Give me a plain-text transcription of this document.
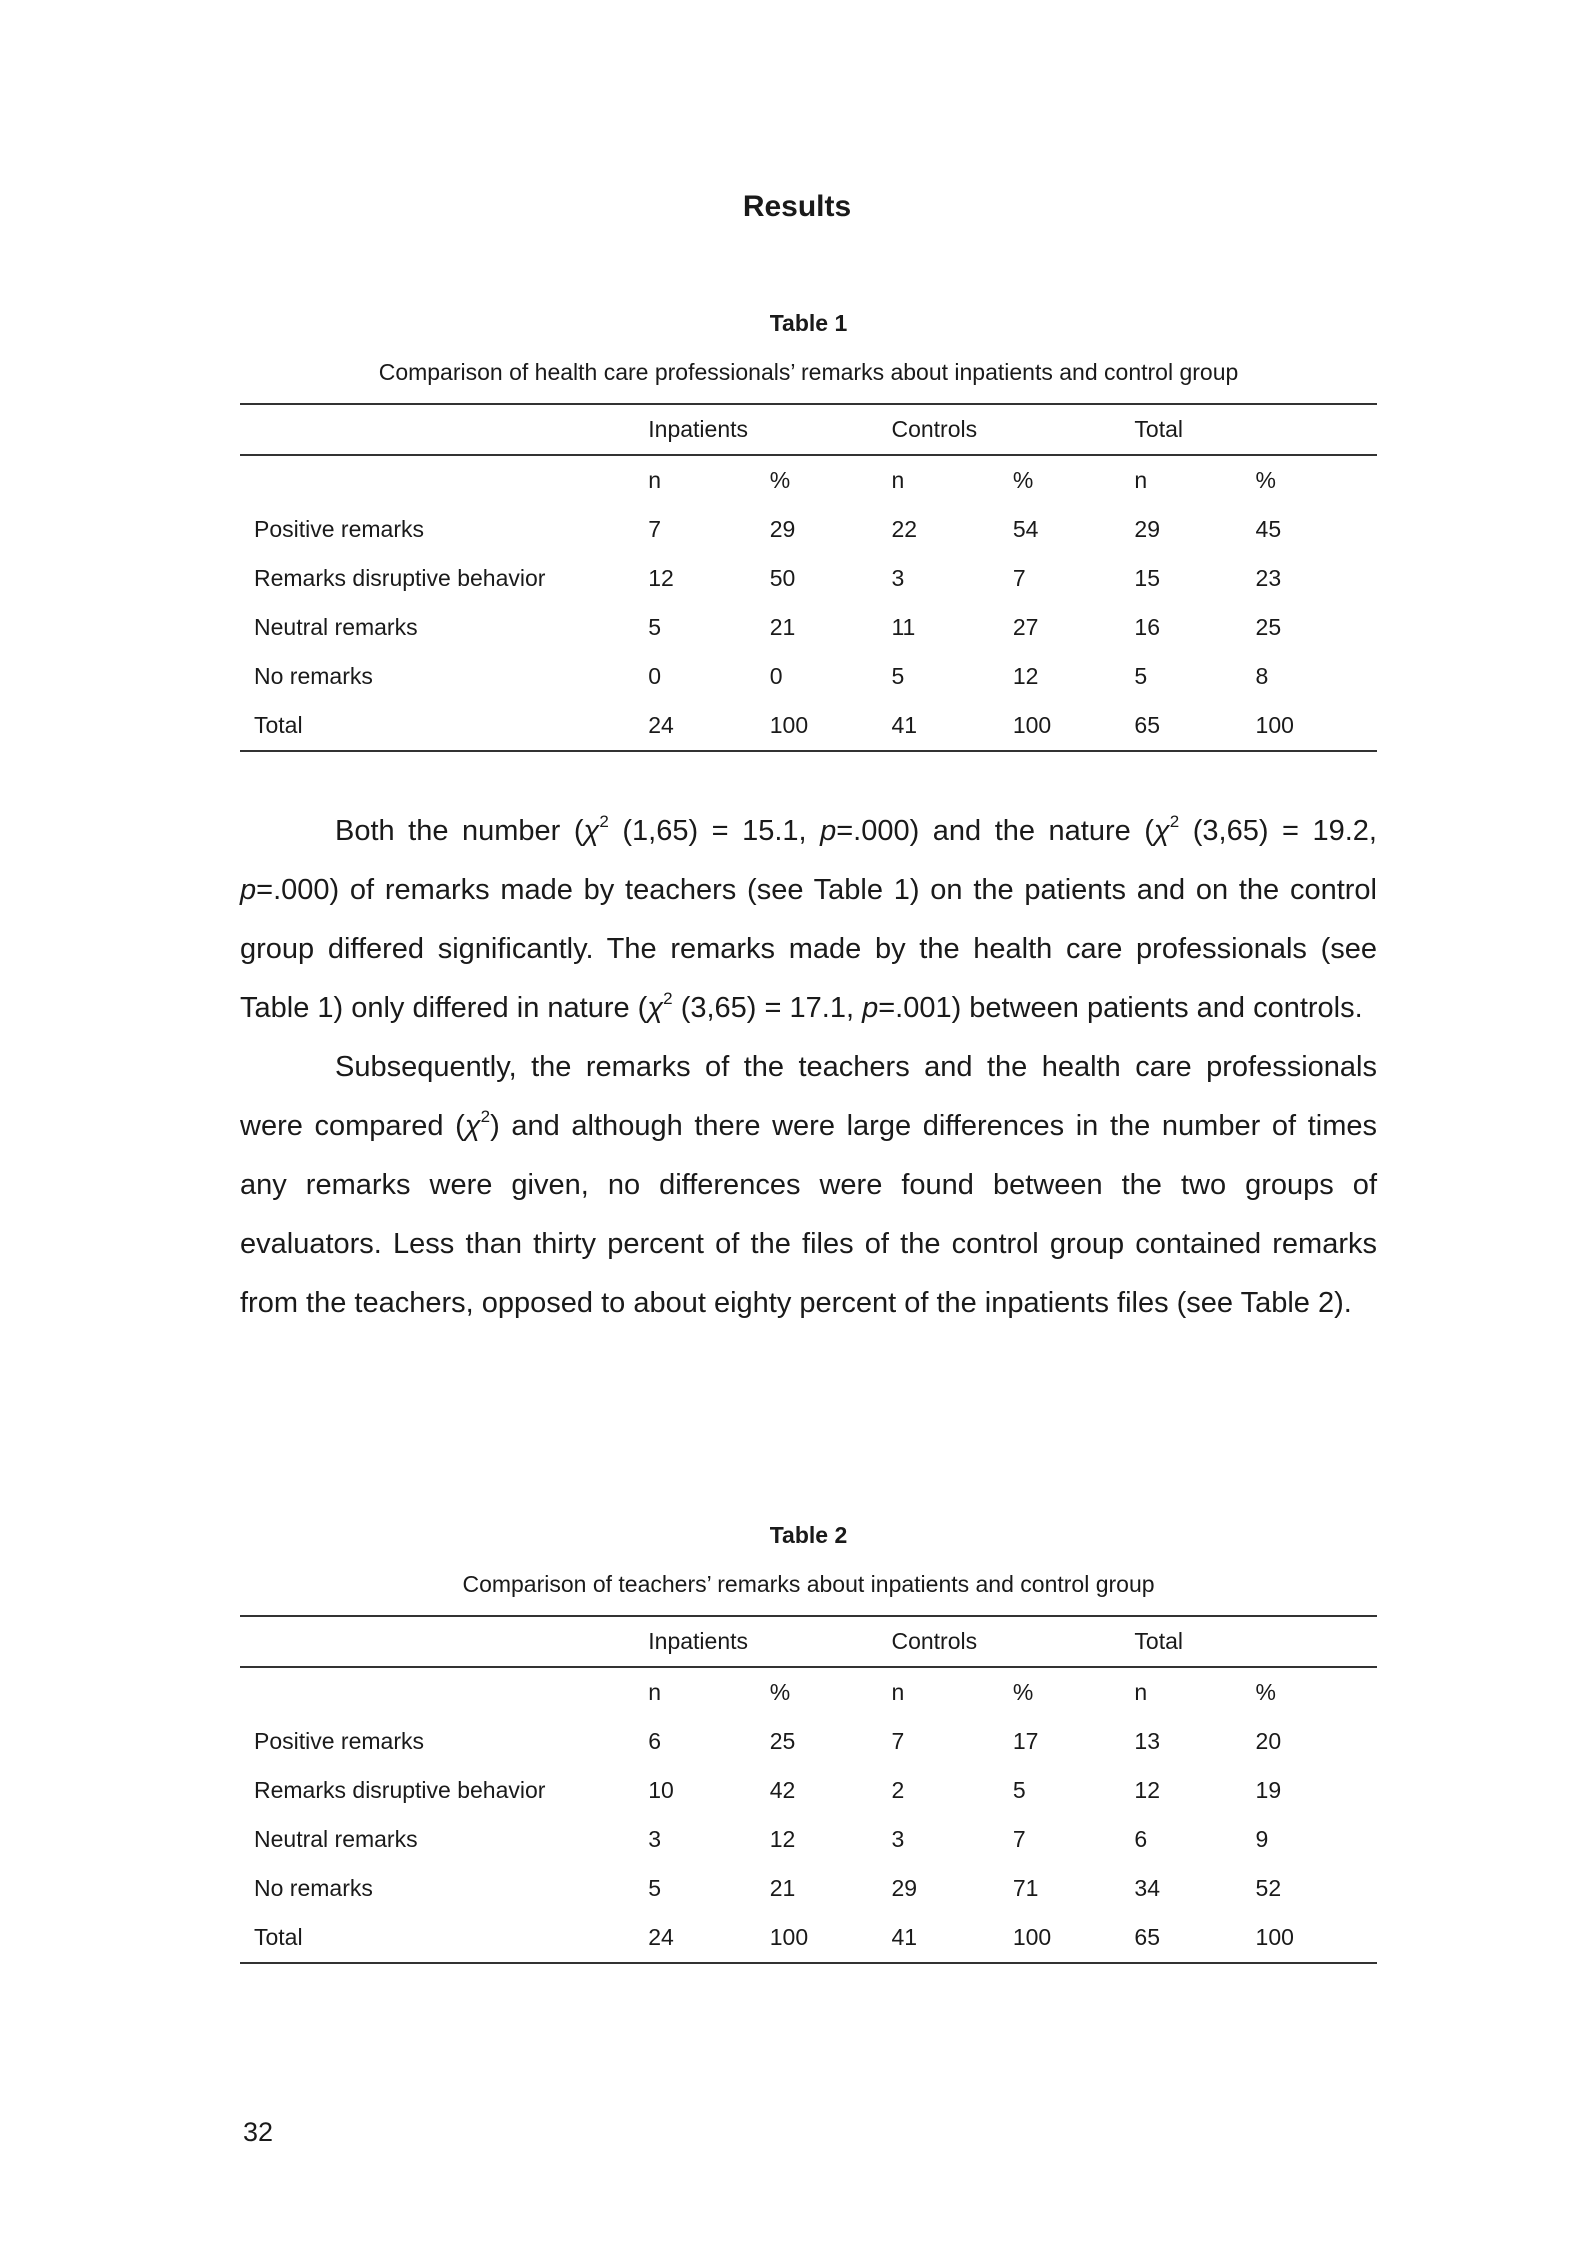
Results
Table 1
Comparison of health care professionals’ remarks about inpatients and control group
	Inpatients		Controls		Total	
	n	%	n	%	n	%
Positive remarks	7	29	22	54	29	45
Remarks disruptive behavior	12	50	3	7	15	23
Neutral remarks	5	21	11	27	16	25
No remarks	0	0	5	12	5	8
Total	24	100	41	100	65	100

Both the number ($\chi^2$ (1,65) = 15.1, p=.000) and the nature ($\chi^2$ (3,65) = 19.2, p=.000) of remarks made by teachers (see Table 1) on the patients and on the control group differed significantly. The remarks made by the health care professionals (see Table 1) only differed in nature ($\chi^2$ (3,65) = 17.1, p=.001) between patients and controls.

Subsequently, the remarks of the teachers and the health care professionals were compared $(\chi^2)$ and although there were large differences in the number of times any remarks were given, no differences were found between the two groups of evaluators. Less than thirty percent of the files of the control group contained remarks from the teachers, opposed to about eighty percent of the inpatients files (see Table 2).

Table 2
Comparison of teachers’ remarks about inpatients and control group
	Inpatients		Controls		Total	
	n	%	n	%	n	%
Positive remarks	6	25	7	17	13	20
Remarks disruptive behavior	10	42	2	5	12	19
Neutral remarks	3	12	3	7	6	9
No remarks	5	21	29	71	34	52
Total	24	100	41	100	65	100
32
